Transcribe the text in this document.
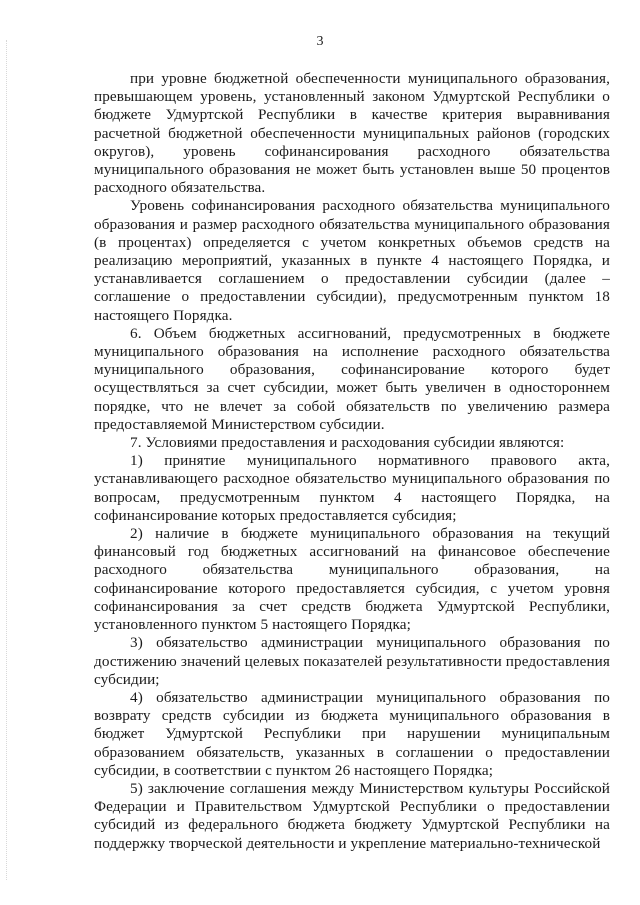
3

при уровне бюджетной обеспеченности муниципального образования, превышающем уровень, установленный законом Удмуртской Республики о бюджете Удмуртской Республики в качестве критерия выравнивания расчетной бюджетной обеспеченности муниципальных районов (городских округов), уровень софинансирования расходного обязательства муниципального образования не может быть установлен выше 50 процентов расходного обязательства.

Уровень софинансирования расходного обязательства муниципального образования и размер расходного обязательства муниципального образования (в процентах) определяется с учетом конкретных объемов средств на реализацию мероприятий, указанных в пункте 4 настоящего Порядка, и устанавливается соглашением о предоставлении субсидии (далее – соглашение о предоставлении субсидии), предусмотренным пунктом 18 настоящего Порядка.

6. Объем бюджетных ассигнований, предусмотренных в бюджете муниципального образования на исполнение расходного обязательства муниципального образования, софинансирование которого будет осуществляться за счет субсидии, может быть увеличен в одностороннем порядке, что не влечет за собой обязательств по увеличению размера предоставляемой Министерством субсидии.

7. Условиями предоставления и расходования субсидии являются:

1) принятие муниципального нормативного правового акта, устанавливающего расходное обязательство муниципального образования по вопросам, предусмотренным пунктом 4 настоящего Порядка, на софинансирование которых предоставляется субсидия;

2) наличие в бюджете муниципального образования на текущий финансовый год бюджетных ассигнований на финансовое обеспечение расходного обязательства муниципального образования, на софинансирование которого предоставляется субсидия, с учетом уровня софинансирования за счет средств бюджета Удмуртской Республики, установленного пунктом 5 настоящего Порядка;

3) обязательство администрации муниципального образования по достижению значений целевых показателей результативности предоставления субсидии;

4) обязательство администрации муниципального образования по возврату средств субсидии из бюджета муниципального образования в бюджет Удмуртской Республики при нарушении муниципальным образованием обязательств, указанных в соглашении о предоставлении субсидии, в соответствии с пунктом 26 настоящего Порядка;

5) заключение соглашения между Министерством культуры Российской Федерации и Правительством Удмуртской Республики о предоставлении субсидий из федерального бюджета бюджету Удмуртской Республики на поддержку творческой деятельности и укрепление материально-технической
